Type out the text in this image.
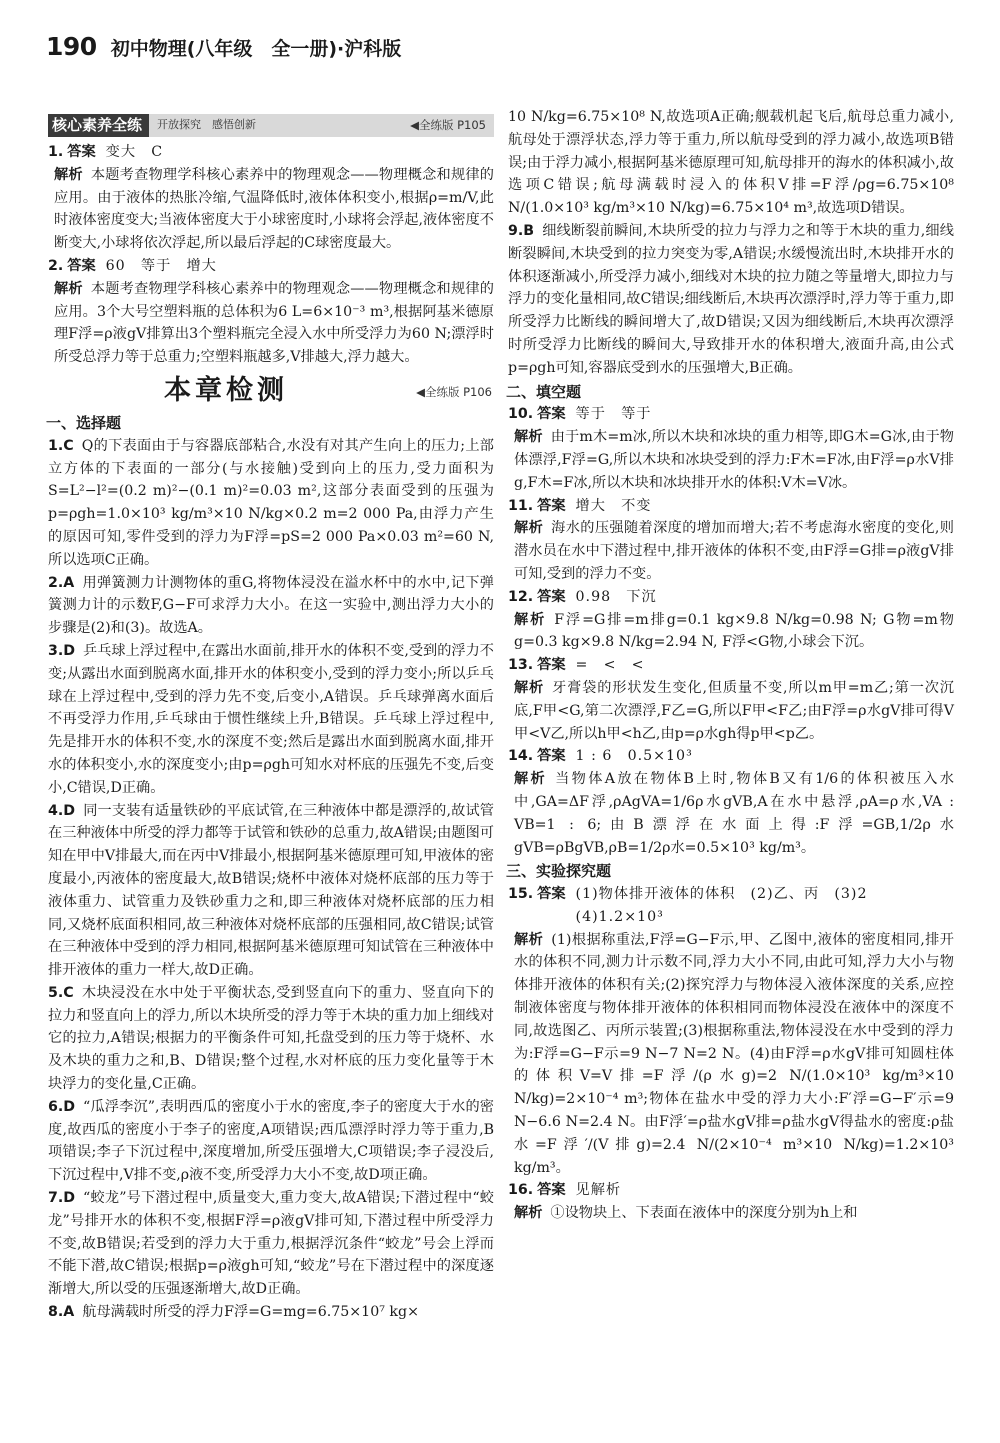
190 初中物理(八年级　全一册)·沪科版
核心素养全练	开放探究　感悟创新	◀全练版 P105
1. 答案 变大　C
解析 本题考查物理学科核心素养中的物理观念——物理概念和规律的应用。由于液体的热胀冷缩,气温降低时,液体体积变小,根据ρ=m/V,此时液体密度变大;当液体密度大于小球密度时,小球将会浮起,液体密度不断变大,小球将依次浮起,所以最后浮起的C球密度最大。
2. 答案 60　等于　增大
解析 本题考查物理学科核心素养中的物理观念——物理概念和规律的应用。3个大号空塑料瓶的总体积为6 L=6×10⁻³ m³,根据阿基米德原理F浮=ρ液gV排算出3个塑料瓶完全浸入水中所受浮力为60 N;漂浮时所受总浮力等于总重力;空塑料瓶越多,V排越大,浮力越大。
本章检测	◀全练版 P106
一、选择题
1.C Q的下表面由于与容器底部粘合,水没有对其产生向上的压力;上部立方体的下表面的一部分(与水接触)受到向上的压力,受力面积为S=L²−l²=(0.2 m)²−(0.1 m)²=0.03 m²,这部分表面受到的压强为p=ρgh=1.0×10³ kg/m³×10 N/kg×0.2 m=2 000 Pa,由浮力产生的原因可知,零件受到的浮力为F浮=pS=2 000 Pa×0.03 m²=60 N,所以选项C正确。
2.A 用弹簧测力计测物体的重G,将物体浸没在溢水杯中的水中,记下弹簧测力计的示数F,G−F可求浮力大小。在这一实验中,测出浮力大小的步骤是(2)和(3)。故选A。
3.D 乒乓球上浮过程中,在露出水面前,排开水的体积不变,受到的浮力不变;从露出水面到脱离水面,排开水的体积变小,受到的浮力变小;所以乒乓球在上浮过程中,受到的浮力先不变,后变小,A错误。乒乓球弹离水面后不再受浮力作用,乒乓球由于惯性继续上升,B错误。乒乓球上浮过程中,先是排开水的体积不变,水的深度不变;然后是露出水面到脱离水面,排开水的体积变小,水的深度变小;由p=ρgh可知水对杯底的压强先不变,后变小,C错误,D正确。
4.D 同一支装有适量铁砂的平底试管,在三种液体中都是漂浮的,故试管在三种液体中所受的浮力都等于试管和铁砂的总重力,故A错误;由题图可知在甲中V排最大,而在丙中V排最小,根据阿基米德原理可知,甲液体的密度最小,丙液体的密度最大,故B错误;烧杯中液体对烧杯底部的压力等于液体重力、试管重力及铁砂重力之和,即三种液体对烧杯底部的压力相同,又烧杯底面积相同,故三种液体对烧杯底部的压强相同,故C错误;试管在三种液体中受到的浮力相同,根据阿基米德原理可知试管在三种液体中排开液体的重力一样大,故D正确。
5.C 木块浸没在水中处于平衡状态,受到竖直向下的重力、竖直向下的拉力和竖直向上的浮力,所以木块所受的浮力等于木块的重力加上细线对它的拉力,A错误;根据力的平衡条件可知,托盘受到的压力等于烧杯、水及木块的重力之和,B、D错误;整个过程,水对杯底的压力变化量等于木块浮力的变化量,C正确。
6.D “瓜浮李沉”,表明西瓜的密度小于水的密度,李子的密度大于水的密度,故西瓜的密度小于李子的密度,A项错误;西瓜漂浮时浮力等于重力,B项错误;李子下沉过程中,深度增加,所受压强增大,C项错误;李子浸没后,下沉过程中,V排不变,ρ液不变,所受浮力大小不变,故D项正确。
7.D “蛟龙”号下潜过程中,质量变大,重力变大,故A错误;下潜过程中“蛟龙”号排开水的体积不变,根据F浮=ρ液gV排可知,下潜过程中所受浮力不变,故B错误;若受到的浮力大于重力,根据浮沉条件“蛟龙”号会上浮而不能下潜,故C错误;根据p=ρ液gh可知,“蛟龙”号在下潜过程中的深度逐渐增大,所以受的压强逐渐增大,故D正确。
8.A 航母满载时所受的浮力F浮=G=mg=6.75×10⁷ kg×
10 N/kg=6.75×10⁸ N,故选项A正确;舰载机起飞后,航母总重力减小,航母处于漂浮状态,浮力等于重力,所以航母受到的浮力减小,故选项B错误;由于浮力减小,根据阿基米德原理可知,航母排开的海水的体积减小,故选项C错误;航母满载时浸入的体积V排=F浮/ρg=6.75×10⁸ N/(1.0×10³ kg/m³×10 N/kg)=6.75×10⁴ m³,故选项D错误。
9.B 细线断裂前瞬间,木块所受的拉力与浮力之和等于木块的重力,细线断裂瞬间,木块受到的拉力突变为零,A错误;水缓慢流出时,木块排开水的体积逐渐减小,所受浮力减小,细线对木块的拉力随之等量增大,即拉力与浮力的变化量相同,故C错误;细线断后,木块再次漂浮时,浮力等于重力,即所受浮力比断线的瞬间增大了,故D错误;又因为细线断后,木块再次漂浮时所受浮力比断线的瞬间大,导致排开水的体积增大,液面升高,由公式p=ρgh可知,容器底受到水的压强增大,B正确。
二、填空题
10. 答案 等于　等于
解析 由于m木=m冰,所以木块和冰块的重力相等,即G木=G冰,由于物体漂浮,F浮=G,所以木块和冰块受到的浮力:F木=F冰,由F浮=ρ水V排g,F木=F冰,所以木块和冰块排开水的体积:V木=V冰。
11. 答案 增大　不变
解析 海水的压强随着深度的增加而增大;若不考虑海水密度的变化,则潜水员在水中下潜过程中,排开液体的体积不变,由F浮=G排=ρ液gV排可知,受到的浮力不变。
12. 答案 0.98　下沉
解析 F浮=G排=m排g=0.1 kg×9.8 N/kg=0.98 N; G物=m物g=0.3 kg×9.8 N/kg=2.94 N, F浮<G物,小球会下沉。
13. 答案 =　<　<
解析 牙膏袋的形状发生变化,但质量不变,所以m甲=m乙;第一次沉底,F甲<G,第二次漂浮,F乙=G,所以F甲<F乙;由F浮=ρ水gV排可得V甲<V乙,所以h甲<h乙,由p=ρ水gh得p甲<p乙。
14. 答案 1 : 6　0.5×10³
解析 当物体A放在物体B上时,物体B又有1/6的体积被压入水中,GA=ΔF浮,ρAgVA=1/6ρ水gVB,A在水中悬浮,ρA=ρ水,VA : VB=1 : 6;由B漂浮在水面上得:F浮=GB,1/2ρ水gVB=ρBgVB,ρB=1/2ρ水=0.5×10³ kg/m³。
三、实验探究题
15. 答案 (1)物体排开液体的体积　(2)乙、丙　(3)2　(4)1.2×10³
解析 (1)根据称重法,F浮=G−F示,甲、乙图中,液体的密度相同,排开水的体积不同,测力计示数不同,浮力大小不同,由此可知,浮力大小与物体排开液体的体积有关;(2)探究浮力与物体浸入液体深度的关系,应控制液体密度与物体排开液体的体积相同而物体浸没在液体中的深度不同,故选图乙、丙所示装置;(3)根据称重法,物体浸没在水中受到的浮力为:F浮=G−F示=9 N−7 N=2 N。(4)由F浮=ρ水gV排可知圆柱体的体积V=V排=F浮/(ρ水g)=2 N/(1.0×10³ kg/m³×10 N/kg)=2×10⁻⁴ m³;物体在盐水中受的浮力大小:F′浮=G−F′示=9 N−6.6 N=2.4 N。由F浮′=ρ盐水gV排=ρ盐水gV得盐水的密度:ρ盐水=F浮′/(V排g)=2.4 N/(2×10⁻⁴ m³×10 N/kg)=1.2×10³ kg/m³。
16. 答案 见解析
解析 ①设物块上、下表面在液体中的深度分别为h上和
